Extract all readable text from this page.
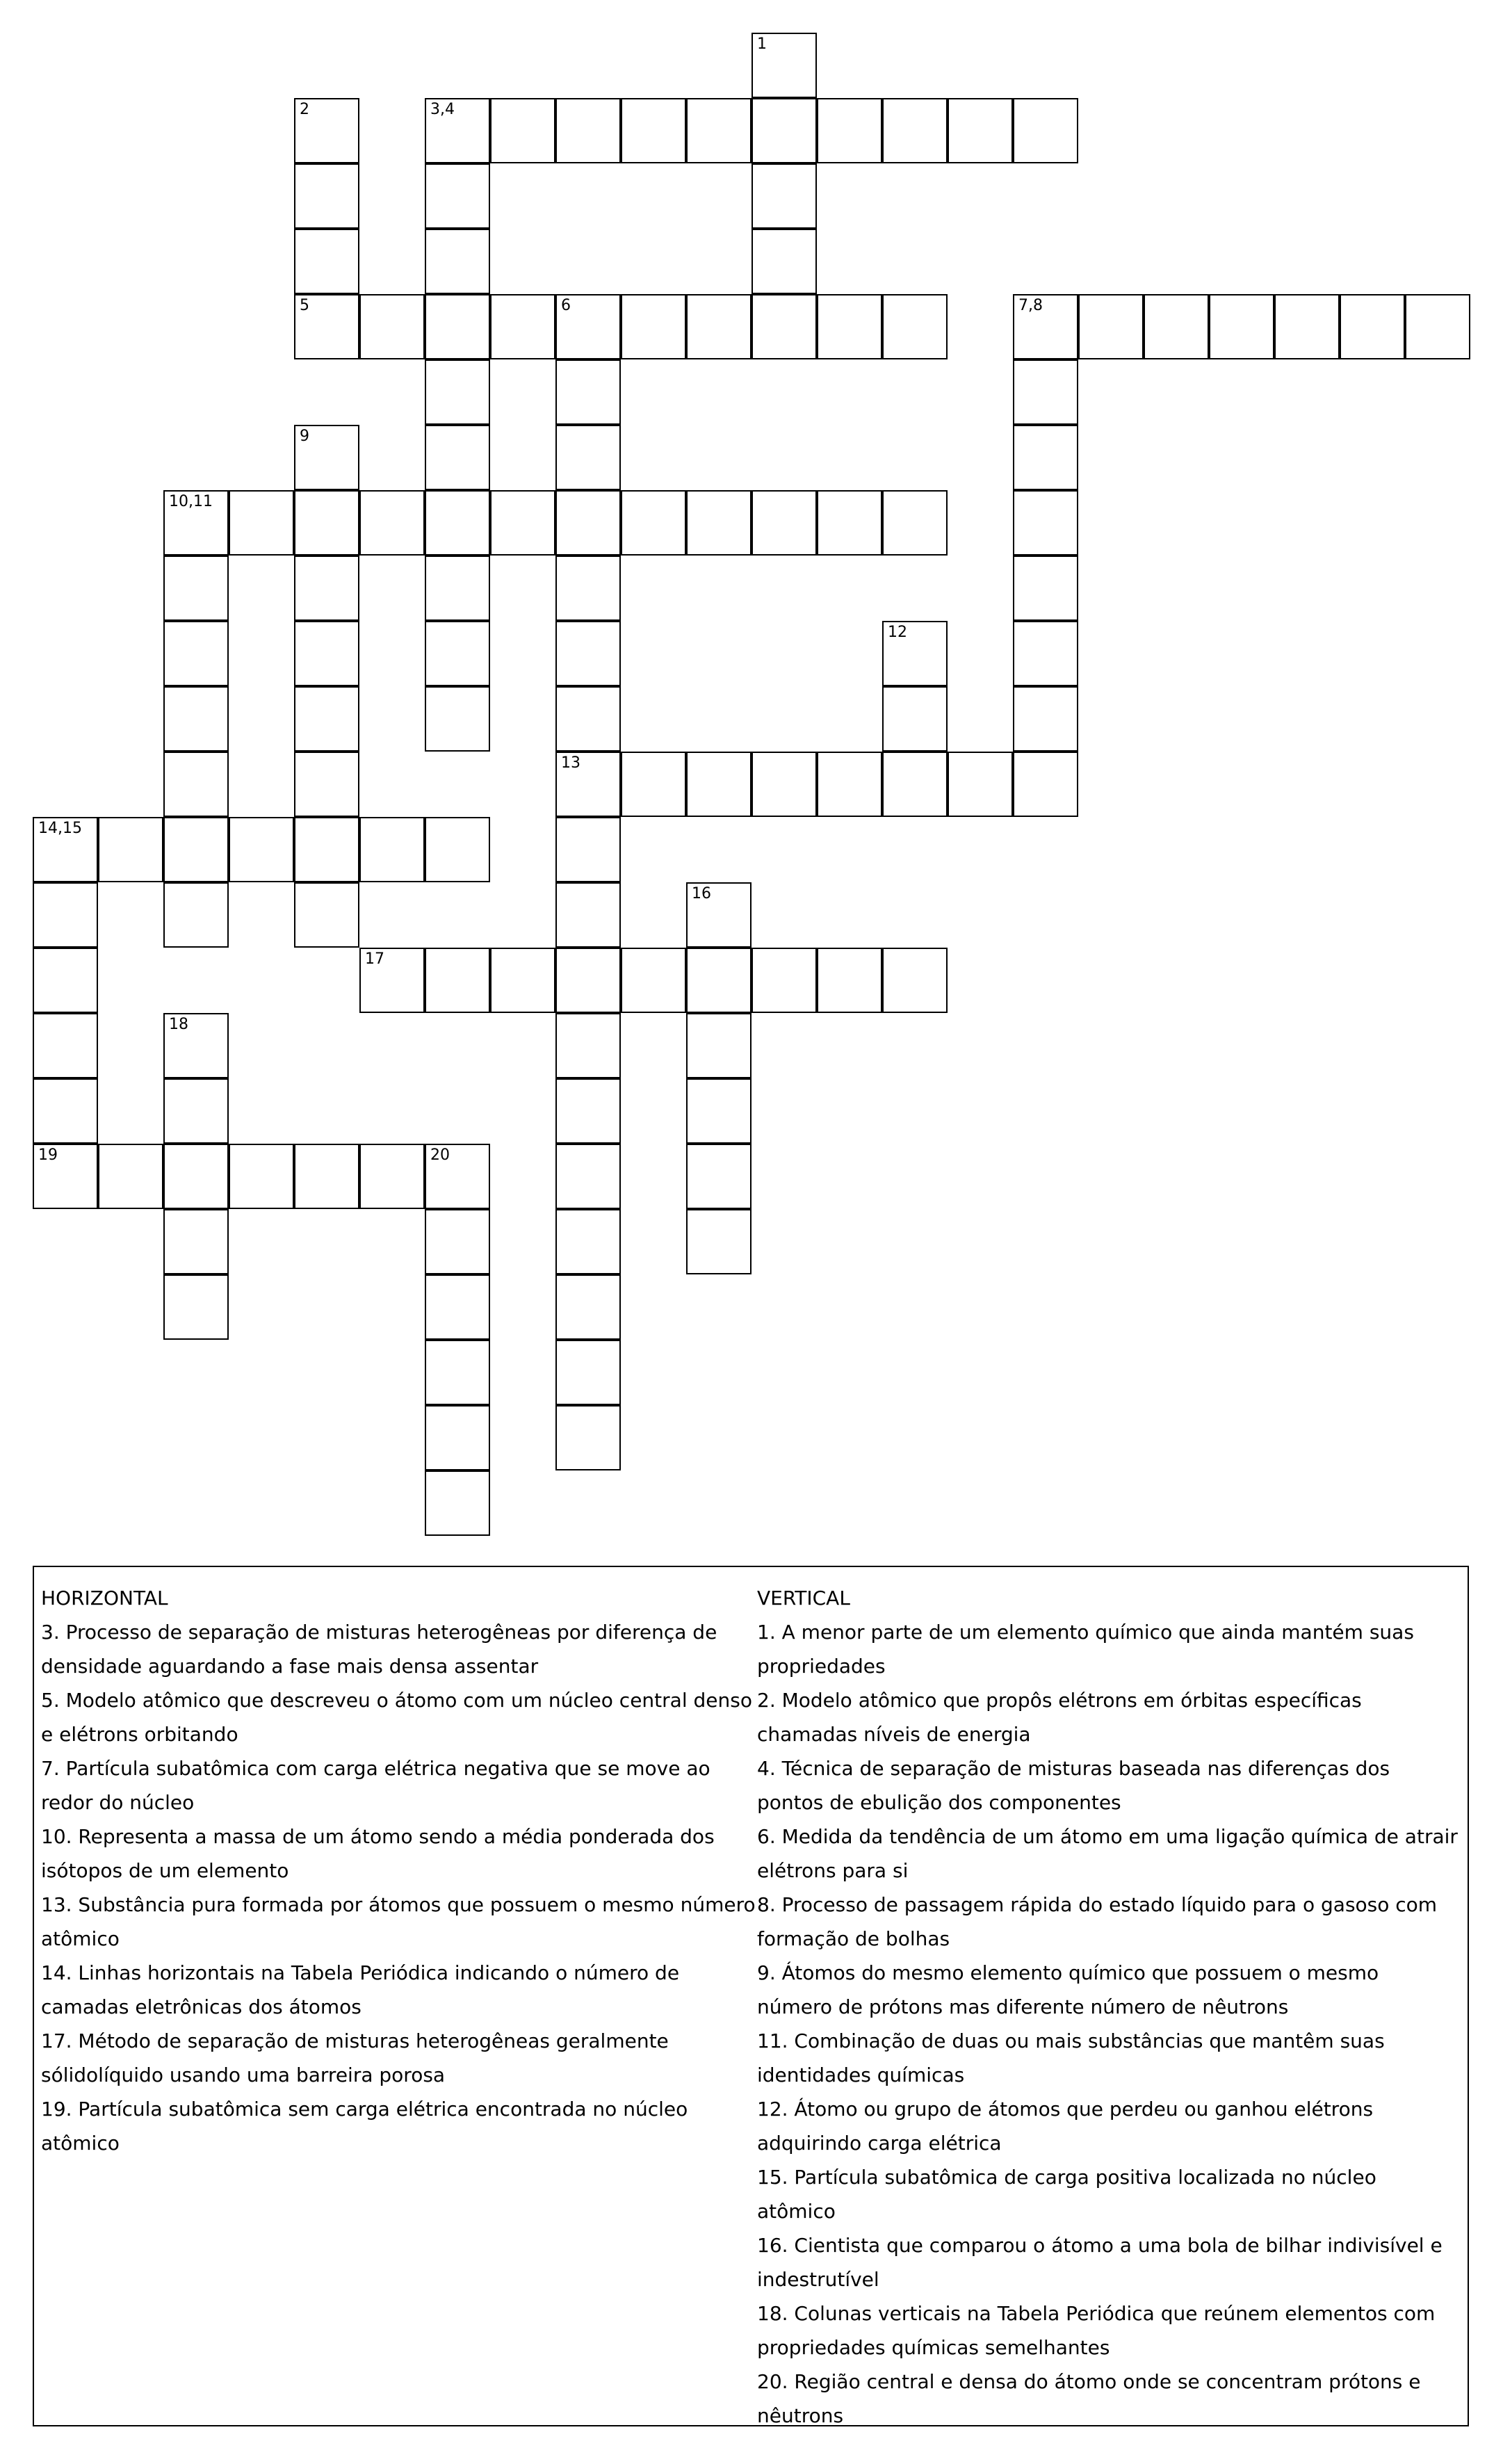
1
2	3,4
5	6	7,8
9
10,11
12
13
14,15
16
17
18
19	20
HORIZONTAL
3. Processo de separação de misturas heterogêneas por diferença de densidade aguardando a fase mais densa assentar
5. Modelo atômico que descreveu o átomo com um núcleo central denso e elétrons orbitando
7. Partícula subatômica com carga elétrica negativa que se move ao redor do núcleo
10. Representa a massa de um átomo sendo a média ponderada dos isótopos de um elemento
13. Substância pura formada por átomos que possuem o mesmo número atômico
14. Linhas horizontais na Tabela Periódica indicando o número de camadas eletrônicas dos átomos
17. Método de separação de misturas heterogêneas geralmente sólidolíquido usando uma barreira porosa
19. Partícula subatômica sem carga elétrica encontrada no núcleo atômico
VERTICAL
1. A menor parte de um elemento químico que ainda mantém suas propriedades
2. Modelo atômico que propôs elétrons em órbitas específicas chamadas níveis de energia
4. Técnica de separação de misturas baseada nas diferenças dos pontos de ebulição dos componentes
6. Medida da tendência de um átomo em uma ligação química de atrair elétrons para si
8. Processo de passagem rápida do estado líquido para o gasoso com formação de bolhas
9. Átomos do mesmo elemento químico que possuem o mesmo número de prótons mas diferente número de nêutrons
11. Combinação de duas ou mais substâncias que mantêm suas identidades químicas
12. Átomo ou grupo de átomos que perdeu ou ganhou elétrons adquirindo carga elétrica
15. Partícula subatômica de carga positiva localizada no núcleo atômico
16. Cientista que comparou o átomo a uma bola de bilhar indivisível e indestrutível
18. Colunas verticais na Tabela Periódica que reúnem elementos com propriedades químicas semelhantes
20. Região central e densa do átomo onde se concentram prótons e nêutrons
